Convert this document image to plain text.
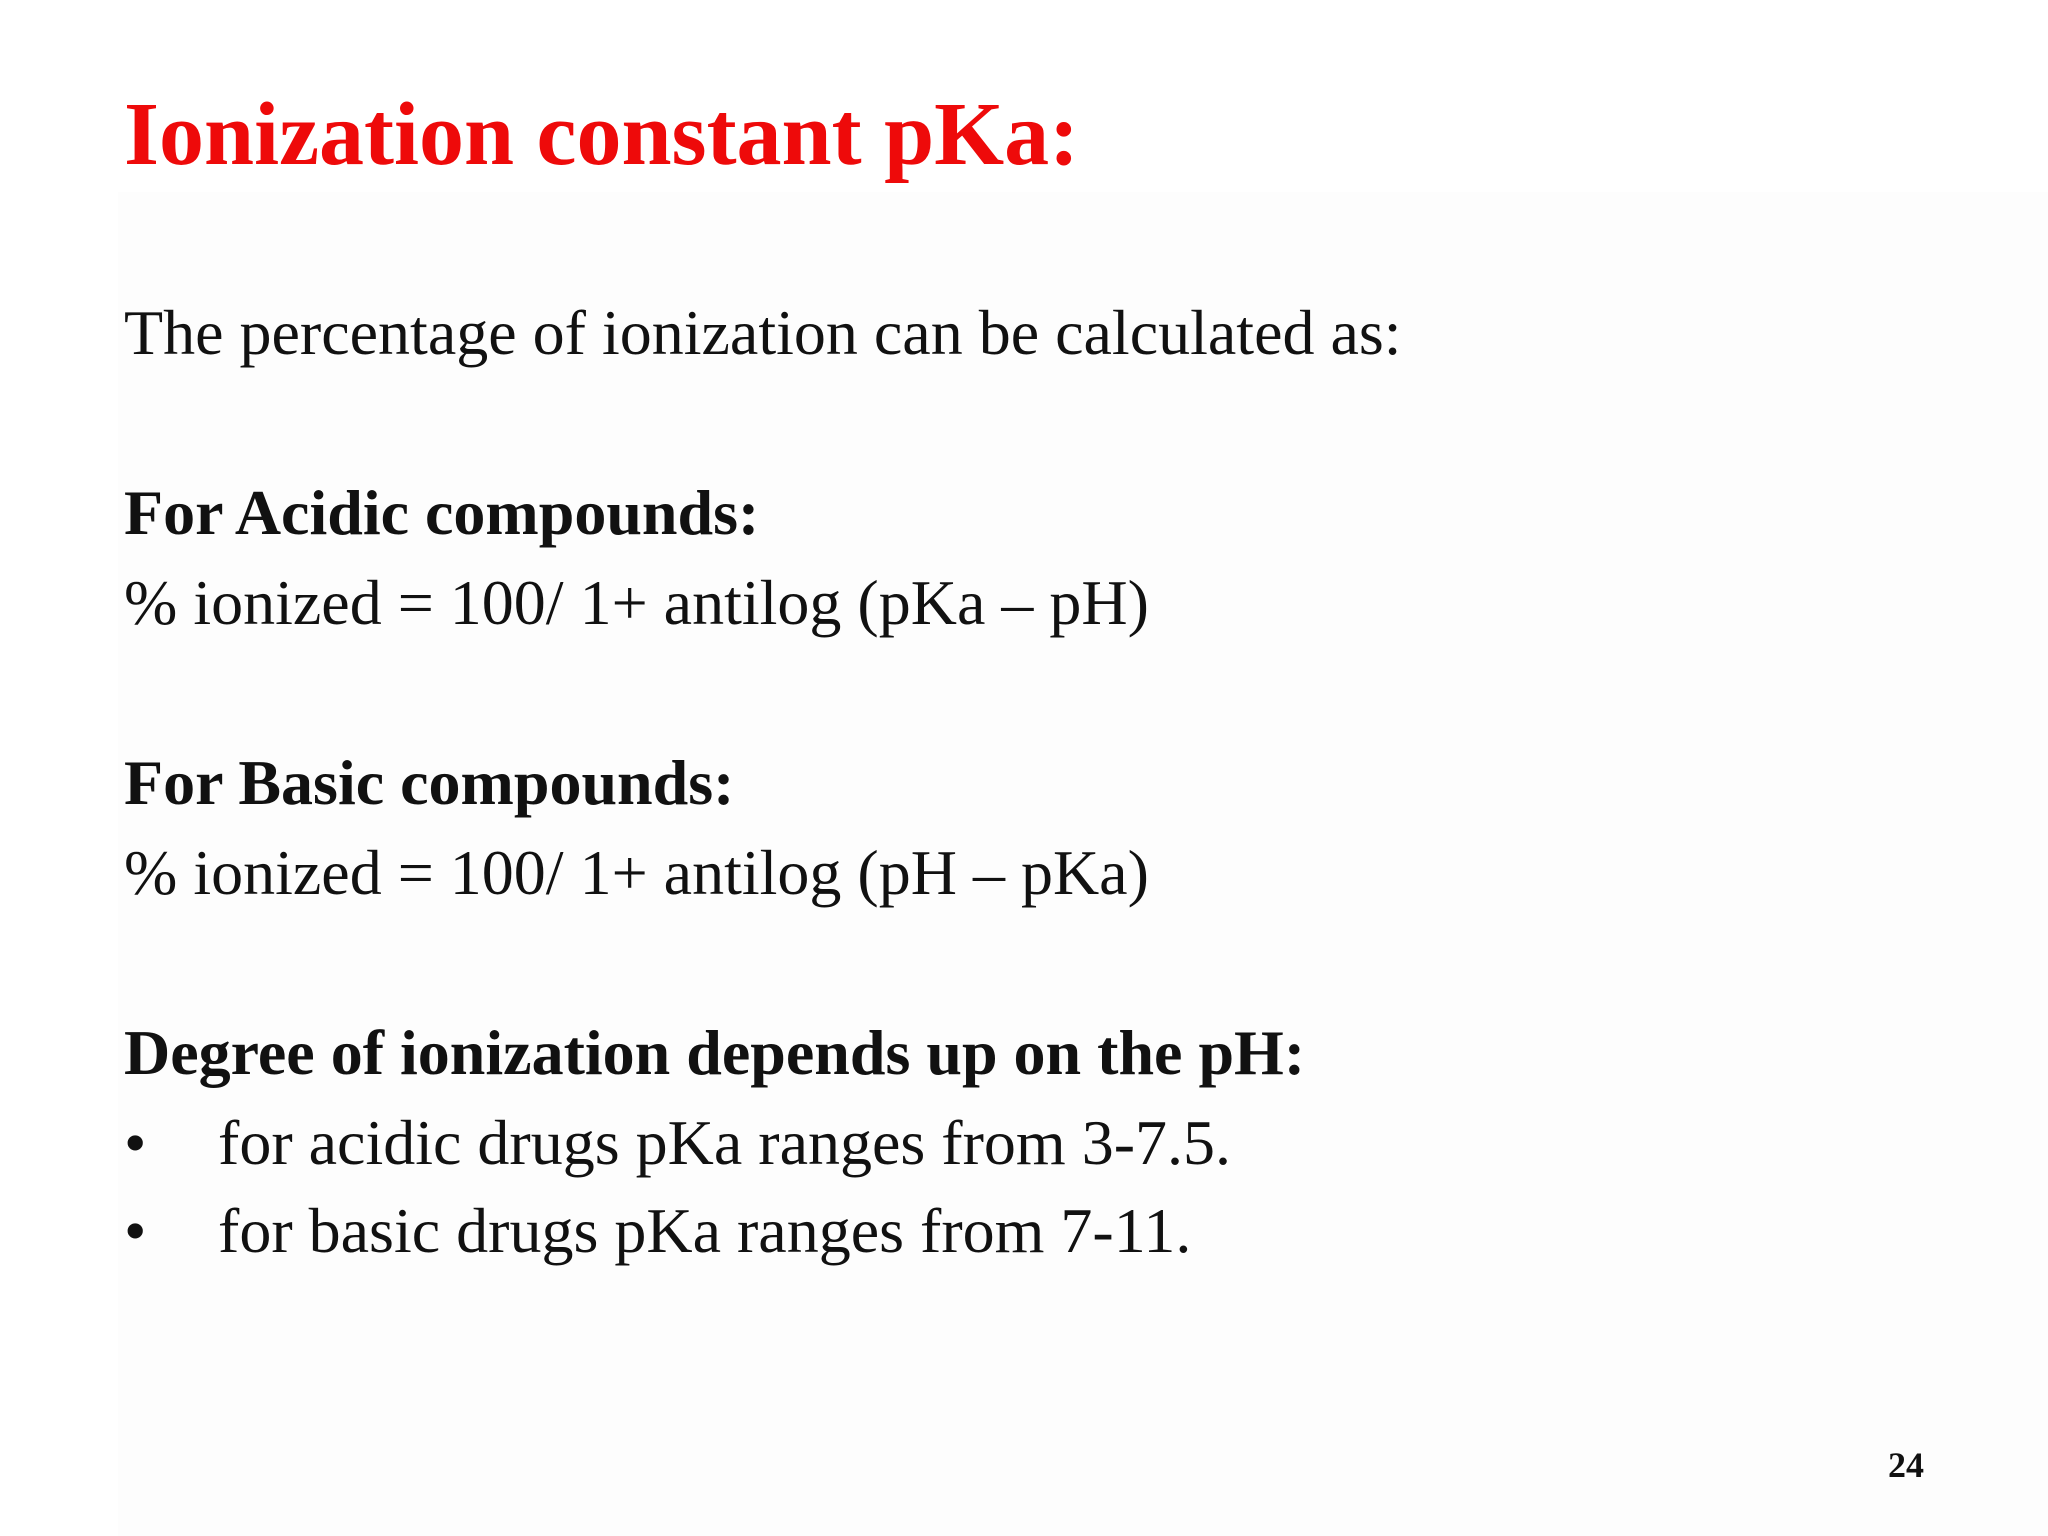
Ionization constant pKa:

The percentage of ionization can be calculated as:

For Acidic compounds:

% ionized = 100/ 1+ antilog (pKa – pH)

For Basic compounds:

% ionized = 100/ 1+ antilog (pH – pKa)

Degree of ionization depends up on the pH:

•	for acidic drugs pKa ranges from 3-7.5.
•	for basic drugs pKa ranges from 7-11.
24
